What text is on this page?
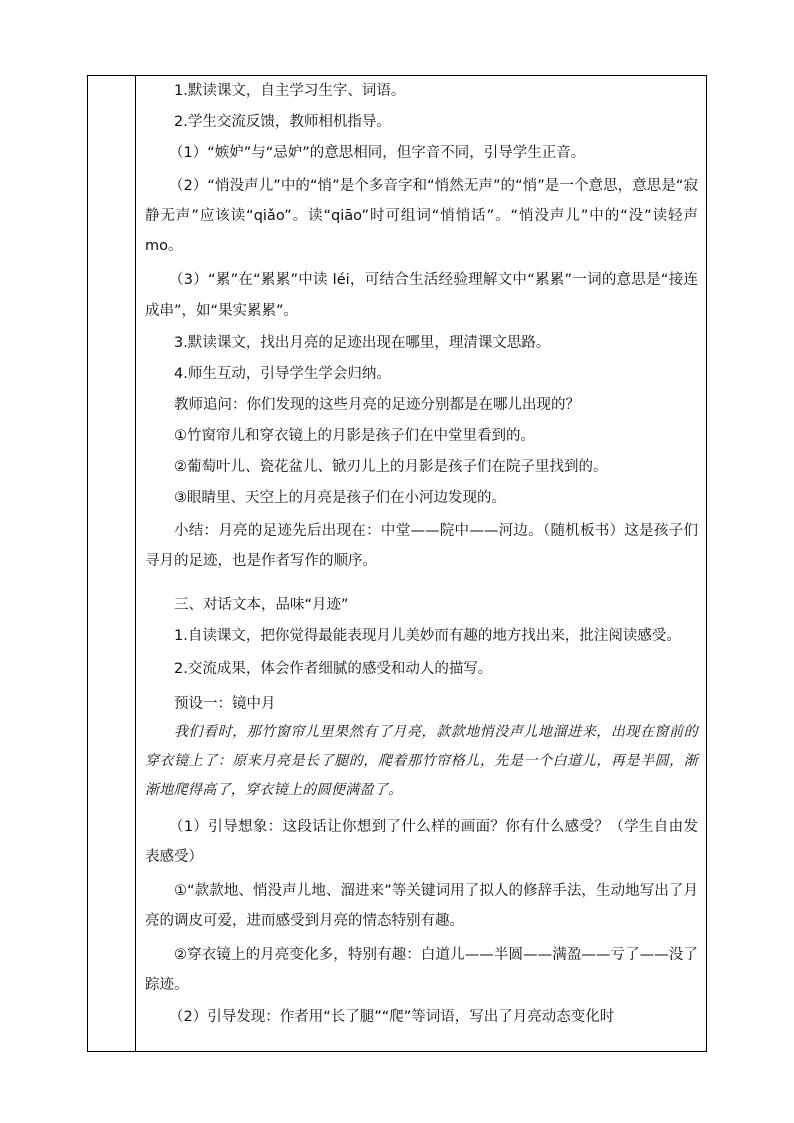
1.默读课文，自主学习生字、词语。
2.学生交流反馈，教师相机指导。
（1）“嫉妒”与“忌妒”的意思相同，但字音不同，引导学生正音。
（2）“悄没声儿”中的“悄”是个多音字和“悄然无声”的“悄”是一个意思，意思是“寂静无声”应该读“qiǎo”。读“qiāo”时可组词“悄悄话”。“悄没声儿”中的“没”读轻声 mo。
（3）“累”在“累累”中读 léi，可结合生活经验理解文中“累累”一词的意思是“接连成串”，如“果实累累”。
3.默读课文，找出月亮的足迹出现在哪里，理清课文思路。
4.师生互动，引导学生学会归纳。
教师追问：你们发现的这些月亮的足迹分别都是在哪儿出现的？
①竹窗帘儿和穿衣镜上的月影是孩子们在中堂里看到的。
②葡萄叶儿、瓷花盆儿、锨刃儿上的月影是孩子们在院子里找到的。
③眼睛里、天空上的月亮是孩子们在小河边发现的。
小结：月亮的足迹先后出现在：中堂——院中——河边。（随机板书）这是孩子们寻月的足迹，也是作者写作的顺序。
三、对话文本，品味“月迹”
1.自读课文，把你觉得最能表现月儿美妙而有趣的地方找出来，批注阅读感受。
2.交流成果，体会作者细腻的感受和动人的描写。
预设一：镜中月
我们看时，那竹窗帘儿里果然有了月亮，款款地悄没声儿地溜进来，出现在窗前的穿衣镜上了：原来月亮是长了腿的，爬着那竹帘格儿，先是一个白道儿，再是半圆，渐渐地爬得高了，穿衣镜上的圆便满盈了。
（1）引导想象：这段话让你想到了什么样的画面？你有什么感受？（学生自由发表感受）
①“款款地、悄没声儿地、溜进来”等关键词用了拟人的修辞手法，生动地写出了月亮的调皮可爱，进而感受到月亮的情态特别有趣。
②穿衣镜上的月亮变化多，特别有趣：白道儿——半圆——满盈——亏了——没了踪迹。
（2）引导发现：作者用“长了腿”“爬”等词语，写出了月亮动态变化时
